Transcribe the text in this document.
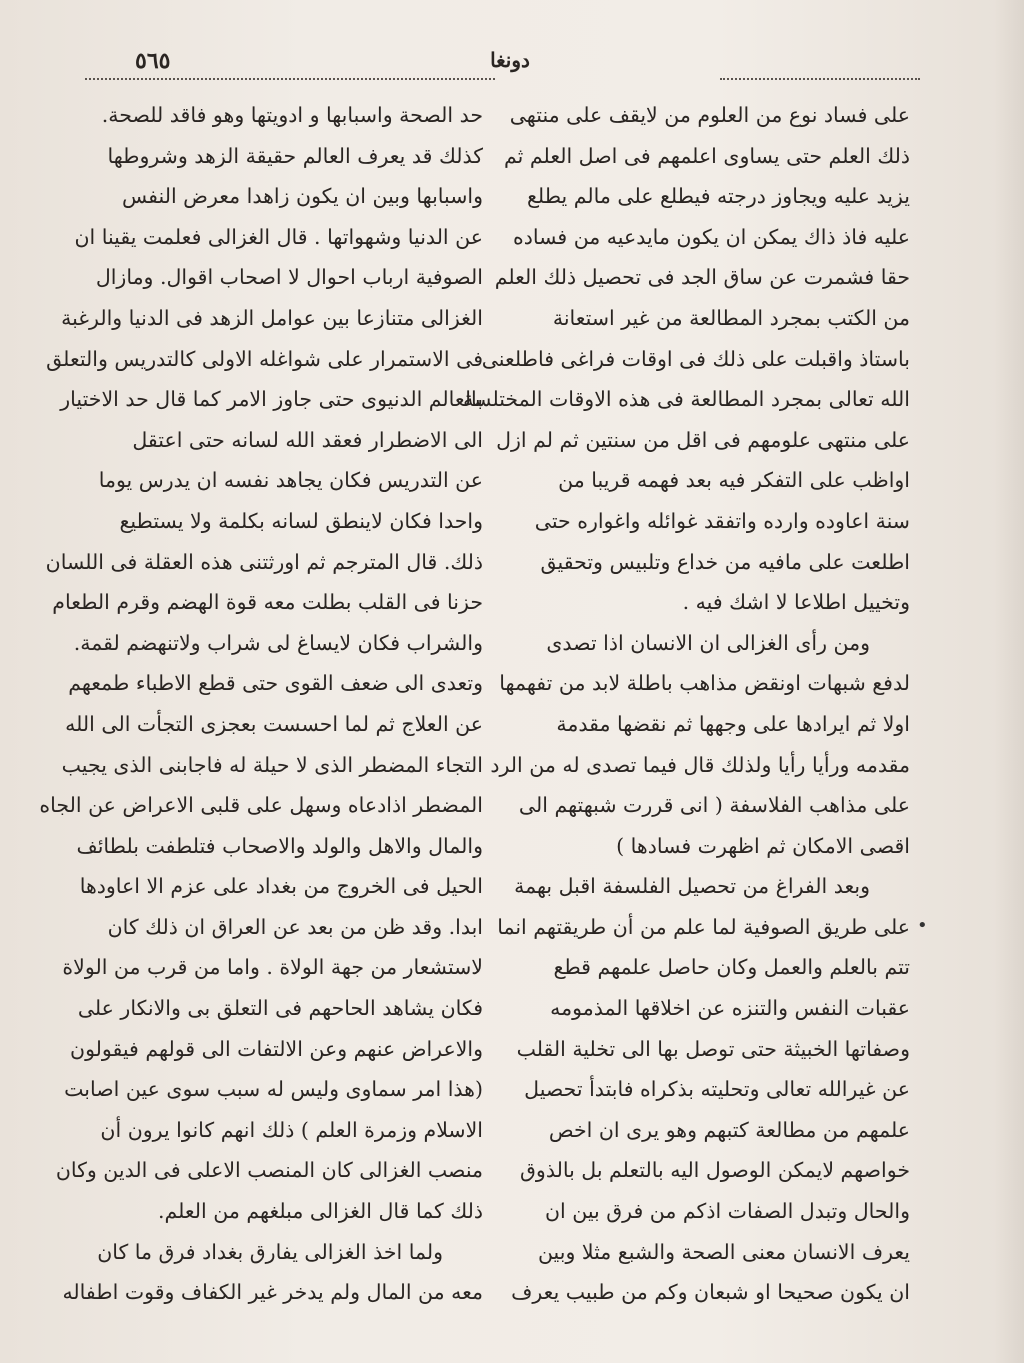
٥٦٥	دونغا
على فساد نوع من العلوم من لايقف على منتهى
ذلك العلم حتى يساوى اعلمهم فى اصل العلم ثم
يزيد عليه ويجاوز درجته فيطلع على مالم يطلع
عليه فاذ ذاك يمكن ان يكون مايدعيه من فساده
حقا فشمرت عن ساق الجد فى تحصيل ذلك العلم
من الكتب بمجرد المطالعة من غير استعانة
باستاذ واقبلت على ذلك فى اوقات فراغى فاطلعنى
الله تعالى بمجرد المطالعة فى هذه الاوقات المختلسة
على منتهى علومهم فى اقل من سنتين ثم لم ازل
اواظب على التفكر فيه بعد فهمه قريبا من
سنة اعاوده وارده واتفقد غوائله واغواره حتى
اطلعت على مافيه من خداع وتلبيس وتحقيق
وتخييل اطلاعا لا اشك فيه .
ومن رأى الغزالى ان الانسان اذا تصدى
لدفع شبهات اونقض مذاهب باطلة لابد من تفهمها
اولا ثم ايرادها على وجهها ثم نقضها مقدمة
مقدمه ورأيا رأيا ولذلك قال فيما تصدى له من الرد
على مذاهب الفلاسفة ( انى قررت شبهتهم الى
اقصى الامكان ثم اظهرت فسادها )
وبعد الفراغ من تحصيل الفلسفة اقبل بهمة
على طريق الصوفية لما علم من أن طريقتهم انما
تتم بالعلم والعمل وكان حاصل علمهم قطع
عقبات النفس والتنزه عن اخلاقها المذمومه
وصفاتها الخبيثة حتى توصل بها الى تخلية القلب
عن غيرالله تعالى وتحليته بذكراه فابتدأ تحصيل
علمهم من مطالعة كتبهم وهو يرى ان اخص
خواصهم لايمكن الوصول اليه بالتعلم بل بالذوق
والحال وتبدل الصفات اذكم من فرق بين ان
يعرف الانسان معنى الصحة والشبع مثلا وبين
ان يكون صحيحا او شبعان وكم من طبيب يعرف
حد الصحة واسبابها و ادويتها وهو فاقد للصحة.
كذلك قد يعرف العالم حقيقة الزهد وشروطها
واسبابها وبين ان يكون زاهدا معرض النفس
عن الدنيا وشهواتها . قال الغزالى فعلمت يقينا ان
الصوفية ارباب احوال لا اصحاب اقوال. ومازال
الغزالى متنازعا بين عوامل الزهد فى الدنيا والرغبة
فى الاستمرار على شواغله الاولى كالتدريس والتعلق
بالعالم الدنيوى حتى جاوز الامر كما قال حد الاختيار
الى الاضطرار فعقد الله لسانه حتى اعتقل
عن التدريس فكان يجاهد نفسه ان يدرس يوما
واحدا فكان لاينطق لسانه بكلمة ولا يستطيع
ذلك. قال المترجم ثم اورثتنى هذه العقلة فى اللسان
حزنا فى القلب بطلت معه قوة الهضم وقرم الطعام
والشراب فكان لايساغ لى شراب ولاتنهضم لقمة.
وتعدى الى ضعف القوى حتى قطع الاطباء طمعهم
عن العلاج ثم لما احسست بعجزى التجأت الى الله
التجاء المضطر الذى لا حيلة له فاجابنى الذى يجيب
المضطر اذادعاه وسهل على قلبى الاعراض عن الجاه
والمال والاهل والولد والاصحاب فتلطفت بلطائف
الحيل فى الخروج من بغداد على عزم الا اعاودها
ابدا. وقد ظن من بعد عن العراق ان ذلك كان
لاستشعار من جهة الولاة . واما من قرب من الولاة
فكان يشاهد الحاحهم فى التعلق بى والانكار على
والاعراض عنهم وعن الالتفات الى قولهم فيقولون
(هذا امر سماوى وليس له سبب سوى عين اصابت
الاسلام وزمرة العلم ) ذلك انهم كانوا يرون أن
منصب الغزالى كان المنصب الاعلى فى الدين وكان
ذلك كما قال الغزالى مبلغهم من العلم.
ولما اخذ الغزالى يفارق بغداد فرق ما كان
معه من المال ولم يدخر غير الكفاف وقوت اطفاله
•
